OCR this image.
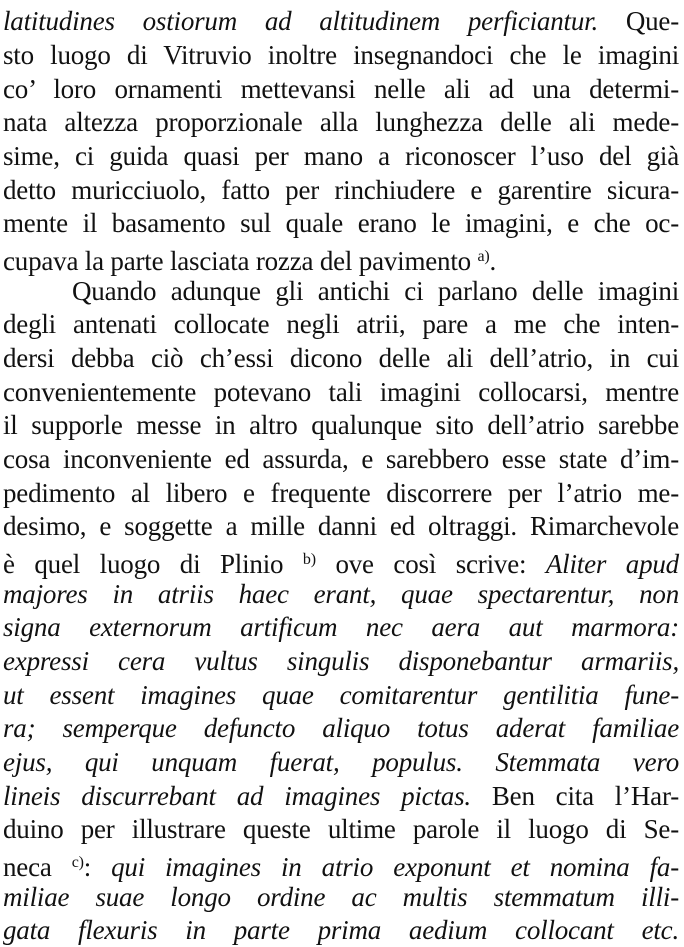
latitudines ostiorum ad altitudinem perficiantur. Que-
sto luogo di Vitruvio inoltre insegnandoci che le imagini
co’ loro ornamenti mettevansi nelle ali ad una determi-
nata altezza proporzionale alla lunghezza delle ali mede-
sime, ci guida quasi per mano a riconoscer l’uso del già
detto muricciuolo, fatto per rinchiudere e garentire sicura-
mente il basamento sul quale erano le imagini, e che oc-
cupava la parte lasciata rozza del pavimento $^{a)}$.
Quando adunque gli antichi ci parlano delle imagini
degli antenati collocate negli atrii, pare a me che inten-
dersi debba ciò ch’essi dicono delle ali dell’atrio, in cui
convenientemente potevano tali imagini collocarsi, mentre
il supporle messe in altro qualunque sito dell’atrio sarebbe
cosa inconveniente ed assurda, e sarebbero esse state d’im-
pedimento al libero e frequente discorrere per l’atrio me-
desimo, e soggette a mille danni ed oltraggi. Rimarchevole
è quel luogo di Plinio $^{b)}$ ove così scrive: Aliter apud
majores in atriis haec erant, quae spectarentur, non
signa externorum artificum nec aera aut marmora:
expressi cera vultus singulis disponebantur armariis,
ut essent imagines quae comitarentur gentilitia fune-
ra; semperque defuncto aliquo totus aderat familiae
ejus, qui unquam fuerat, populus. Stemmata vero
lineis discurrebant ad imagines pictas. Ben cita l’Har-
duino per illustrare queste ultime parole il luogo di Se-
neca $^{c)}$: qui imagines in atrio exponunt et nomina fa-
miliae suae longo ordine ac multis stemmatum illi-
gata flexuris in parte prima aedium collocant etc.
